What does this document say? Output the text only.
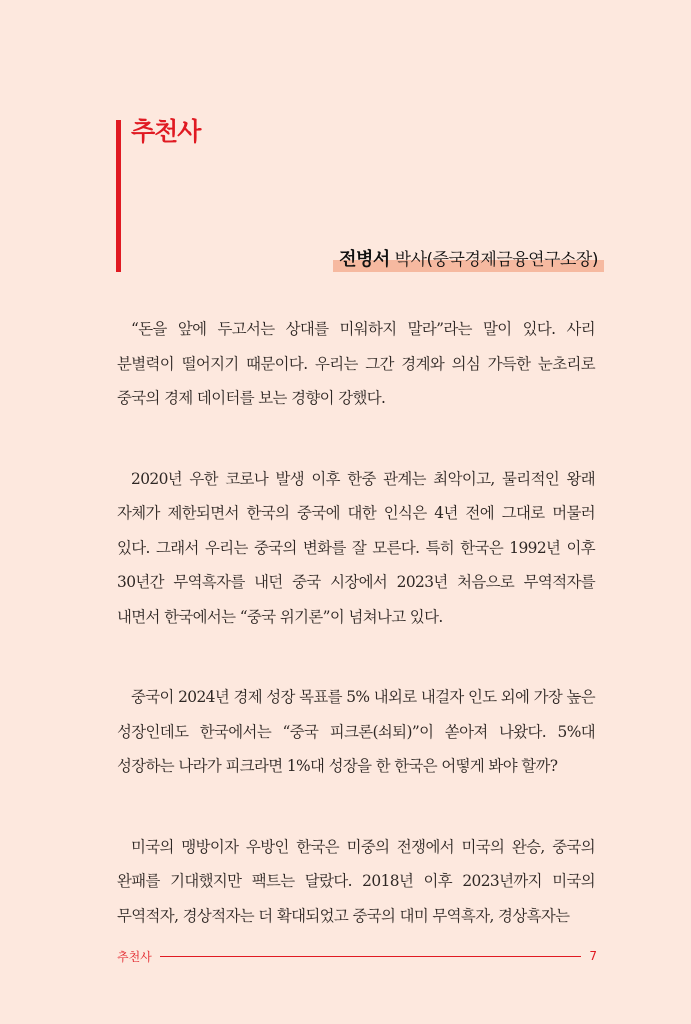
추천사
전병서 박사(중국경제금융연구소장)

“돈을 앞에 두고서는 상대를 미워하지 말라”라는 말이 있다. 사리 분별력이 떨어지기 때문이다. 우리는 그간 경계와 의심 가득한 눈초리로 중국의 경제 데이터를 보는 경향이 강했다.

2020년 우한 코로나 발생 이후 한중 관계는 최악이고, 물리적인 왕래 자체가 제한되면서 한국의 중국에 대한 인식은 4년 전에 그대로 머물러 있다. 그래서 우리는 중국의 변화를 잘 모른다. 특히 한국은 1992년 이후 30년간 무역흑자를 내던 중국 시장에서 2023년 처음으로 무역적자를 내면서 한국에서는 “중국 위기론”이 넘쳐나고 있다.

중국이 2024년 경제 성장 목표를 5% 내외로 내걸자 인도 외에 가장 높은 성장인데도 한국에서는 “중국 피크론(쇠퇴)”이 쏟아져 나왔다. 5%대 성장하는 나라가 피크라면 1%대 성장을 한 한국은 어떻게 봐야 할까?

미국의 맹방이자 우방인 한국은 미중의 전쟁에서 미국의 완승, 중국의 완패를 기대했지만 팩트는 달랐다. 2018년 이후 2023년까지 미국의 무역적자, 경상적자는 더 확대되었고 중국의 대미 무역흑자, 경상흑자는

추천사	7
